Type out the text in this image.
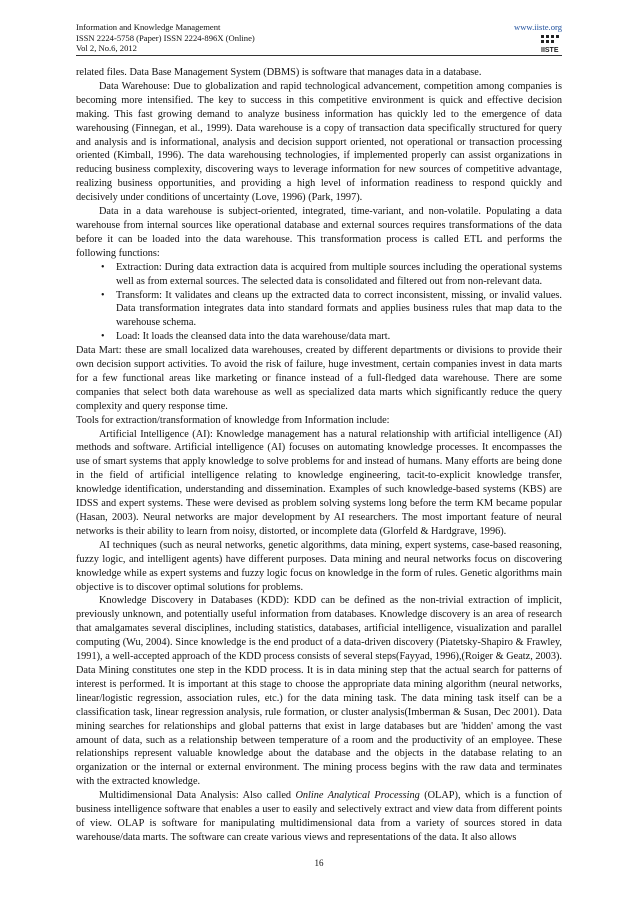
Information and Knowledge Management
ISSN 2224-5758 (Paper) ISSN 2224-896X (Online)
Vol 2, No.6, 2012
www.iiste.org
IISTE

related files. Data Base Management System (DBMS) is software that manages data in a database.

Data Warehouse: Due to globalization and rapid technological advancement, competition among companies is becoming more intensified. The key to success in this competitive environment is quick and effective decision making. This fast growing demand to analyze business information has quickly led to the emergence of data warehousing (Finnegan, et al., 1999). Data warehouse is a copy of transaction data specifically structured for query and analysis and is informational, analysis and decision support oriented, not operational or transaction processing oriented (Kimball, 1996). The data warehousing technologies, if implemented properly can assist organizations in reducing business complexity, discovering ways to leverage information for new sources of competitive advantage, realizing business opportunities, and providing a high level of information readiness to respond quickly and decisively under conditions of uncertainty (Love, 1996) (Park, 1997).

Data in a data warehouse is subject-oriented, integrated, time-variant, and non-volatile. Populating a data warehouse from internal sources like operational database and external sources requires transformations of the data before it can be loaded into the data warehouse. This transformation process is called ETL and performs the following functions:

• Extraction: During data extraction data is acquired from multiple sources including the operational systems well as from external sources. The selected data is consolidated and filtered out from non-relevant data.
• Transform: It validates and cleans up the extracted data to correct inconsistent, missing, or invalid values. Data transformation integrates data into standard formats and applies business rules that map data to the warehouse schema.
• Load: It loads the cleansed data into the data warehouse/data mart.

Data Mart: these are small localized data warehouses, created by different departments or divisions to provide their own decision support activities. To avoid the risk of failure, huge investment, certain companies invest in data marts for a few functional areas like marketing or finance instead of a full-fledged data warehouse. There are some companies that select both data warehouse as well as specialized data marts which significantly reduce the query complexity and query response time.

Tools for extraction/transformation of knowledge from Information include:

Artificial Intelligence (AI): Knowledge management has a natural relationship with artificial intelligence (AI) methods and software. Artificial intelligence (AI) focuses on automating knowledge processes. It encompasses the use of smart systems that apply knowledge to solve problems for and instead of humans. Many efforts are being done in the field of artificial intelligence relating to knowledge engineering, tacit-to-explicit knowledge transfer, knowledge identification, understanding and dissemination. Examples of such knowledge-based systems (KBS) are IDSS and expert systems. These were devised as problem solving systems long before the term KM became popular (Hasan, 2003). Neural networks are major development by AI researchers. The most important feature of neural networks is their ability to learn from noisy, distorted, or incomplete data (Glorfeld & Hardgrave, 1996).

AI techniques (such as neural networks, genetic algorithms, data mining, expert systems, case-based reasoning, fuzzy logic, and intelligent agents) have different purposes. Data mining and neural networks focus on discovering knowledge while as expert systems and fuzzy logic focus on knowledge in the form of rules. Genetic algorithms main objective is to discover optimal solutions for problems.

Knowledge Discovery in Databases (KDD): KDD can be defined as the non-trivial extraction of implicit, previously unknown, and potentially useful information from databases. Knowledge discovery is an area of research that amalgamates several disciplines, including statistics, databases, artificial intelligence, visualization and parallel computing (Wu, 2004). Since knowledge is the end product of a data-driven discovery (Piatetsky-Shapiro & Frawley, 1991), a well-accepted approach of the KDD process consists of several steps(Fayyad, 1996),(Roiger & Geatz, 2003). Data Mining constitutes one step in the KDD process. It is in data mining step that the actual search for patterns of interest is performed. It is important at this stage to choose the appropriate data mining algorithm (neural networks, linear/logistic regression, association rules, etc.) for the data mining task. The data mining task itself can be a classification task, linear regression analysis, rule formation, or cluster analysis(Imberman & Susan, Dec 2001). Data mining searches for relationships and global patterns that exist in large databases but are 'hidden' among the vast amount of data, such as a relationship between temperature of a room and the productivity of an employee. These relationships represent valuable knowledge about the database and the objects in the database relating to an organization or the internal or external environment. The mining process begins with the raw data and terminates with the extracted knowledge.

Multidimensional Data Analysis: Also called Online Analytical Processing (OLAP), which is a function of business intelligence software that enables a user to easily and selectively extract and view data from different points of view. OLAP is software for manipulating multidimensional data from a variety of sources stored in data warehouse/data marts. The software can create various views and representations of the data. It also allows

16
